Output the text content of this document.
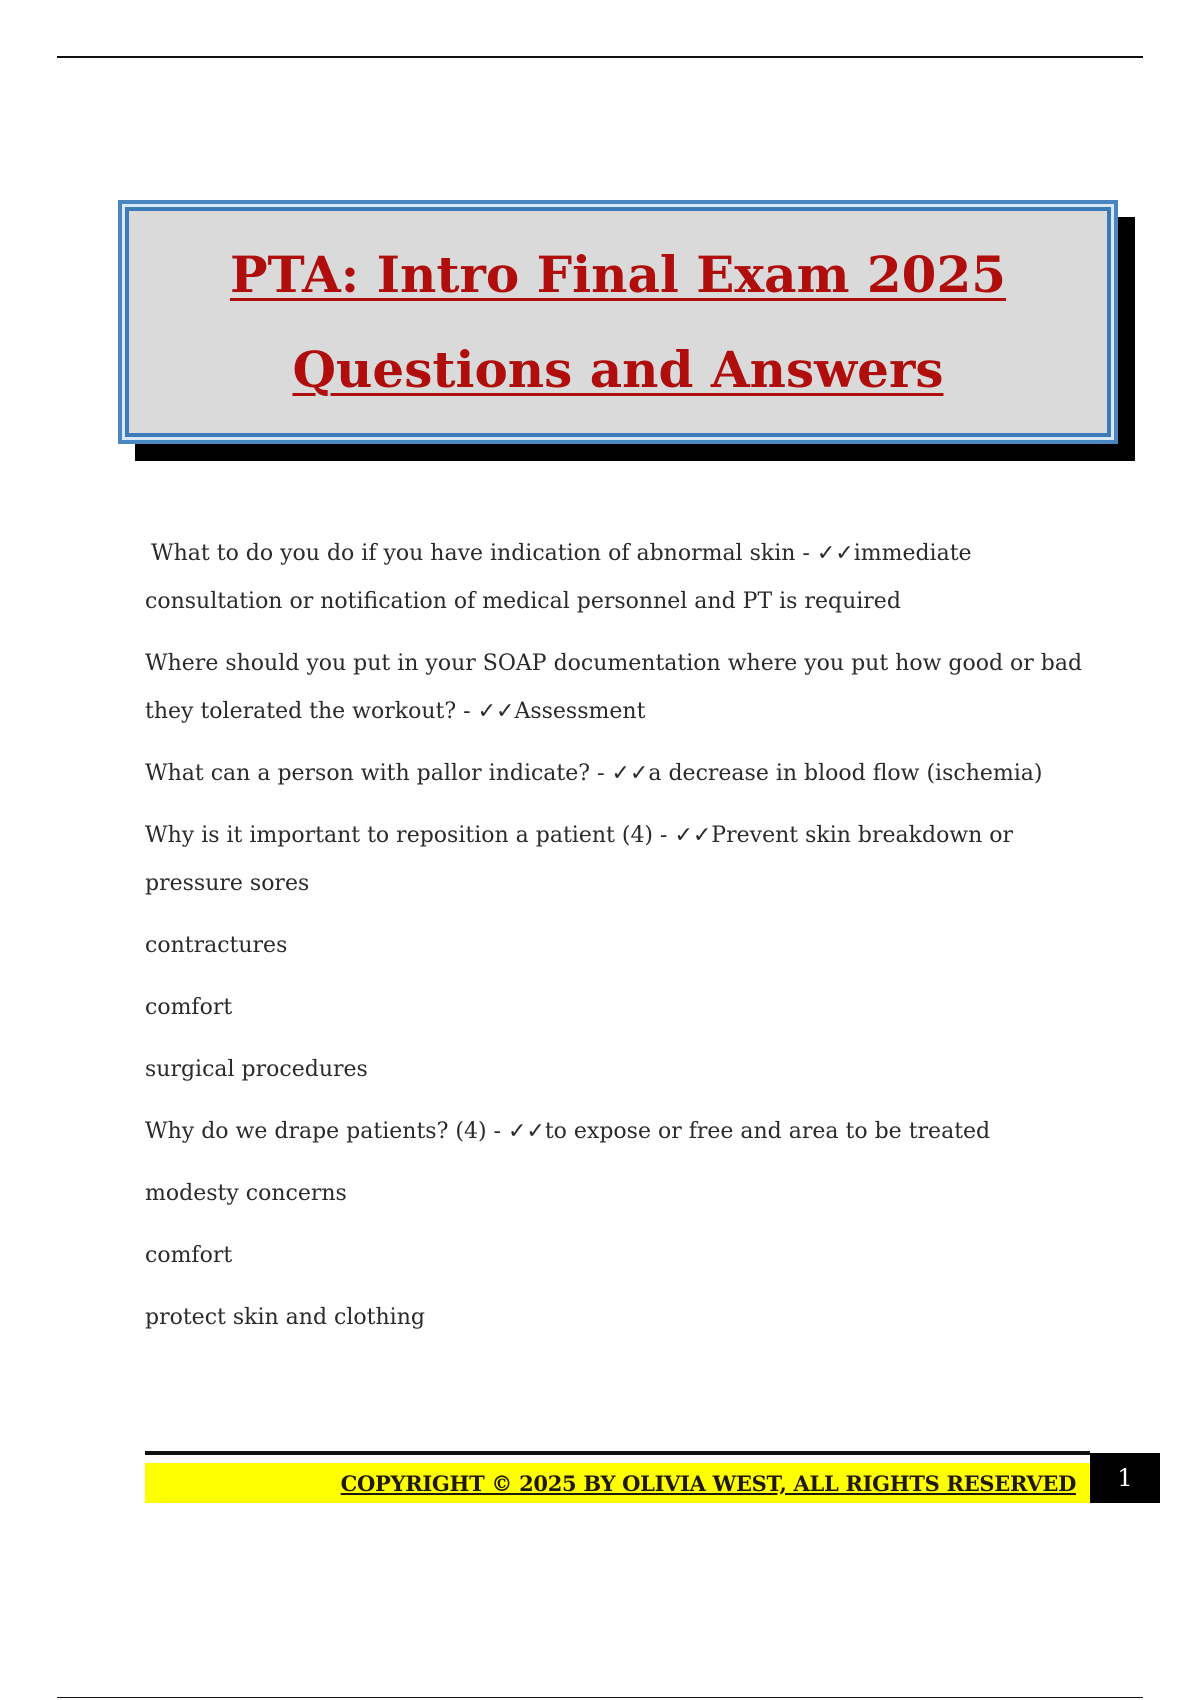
PTA: Intro Final Exam 2025
Questions and Answers
What to do you do if you have indication of abnormal skin - ✓✓immediate consultation or notification of medical personnel and PT is required
Where should you put in your SOAP documentation where you put how good or bad they tolerated the workout? - ✓✓Assessment
What can a person with pallor indicate? - ✓✓a decrease in blood flow (ischemia)
Why is it important to reposition a patient (4) - ✓✓Prevent skin breakdown or pressure sores
contractures
comfort
surgical procedures
Why do we drape patients? (4) - ✓✓to expose or free and area to be treated
modesty concerns
comfort
protect skin and clothing
COPYRIGHT © 2025 BY OLIVIA WEST, ALL RIGHTS RESERVED	1
